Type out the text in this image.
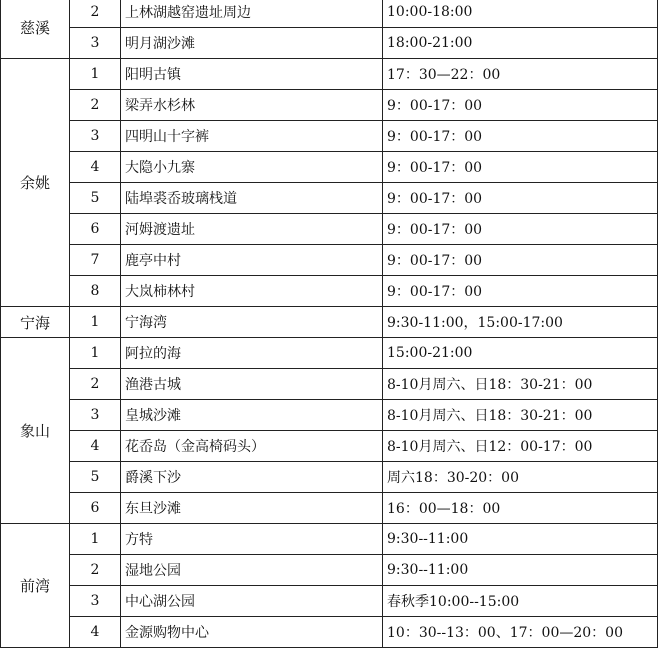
慈溪	2	上林湖越窑遗址周边	10:00-18:00
	3	明月湖沙滩	18:00-21:00
余姚	1	阳明古镇	17：30—22：00
	2	梁弄水杉林	9：00-17：00
	3	四明山十字裤	9：00-17：00
	4	大隐小九寨	9：00-17：00
	5	陆埠裘岙玻璃栈道	9：00-17：00
	6	河姆渡遗址	9：00-17：00
	7	鹿亭中村	9：00-17：00
	8	大岚柿林村	9：00-17：00
宁海	1	宁海湾	9:30-11:00，15:00-17:00
象山	1	阿拉的海	15:00-21:00
	2	渔港古城	8-10月周六、日18：30-21：00
	3	皇城沙滩	8-10月周六、日18：30-21：00
	4	花岙岛（金高椅码头）	8-10月周六、日12：00-17：00
	5	爵溪下沙	周六18：30-20：00
	6	东旦沙滩	16：00—18：00
前湾	1	方特	9:30--11:00
	2	湿地公园	9:30--11:00
	3	中心湖公园	春秋季10:00--15:00
	4	金源购物中心	10：30--13：00、17：00—20：00
